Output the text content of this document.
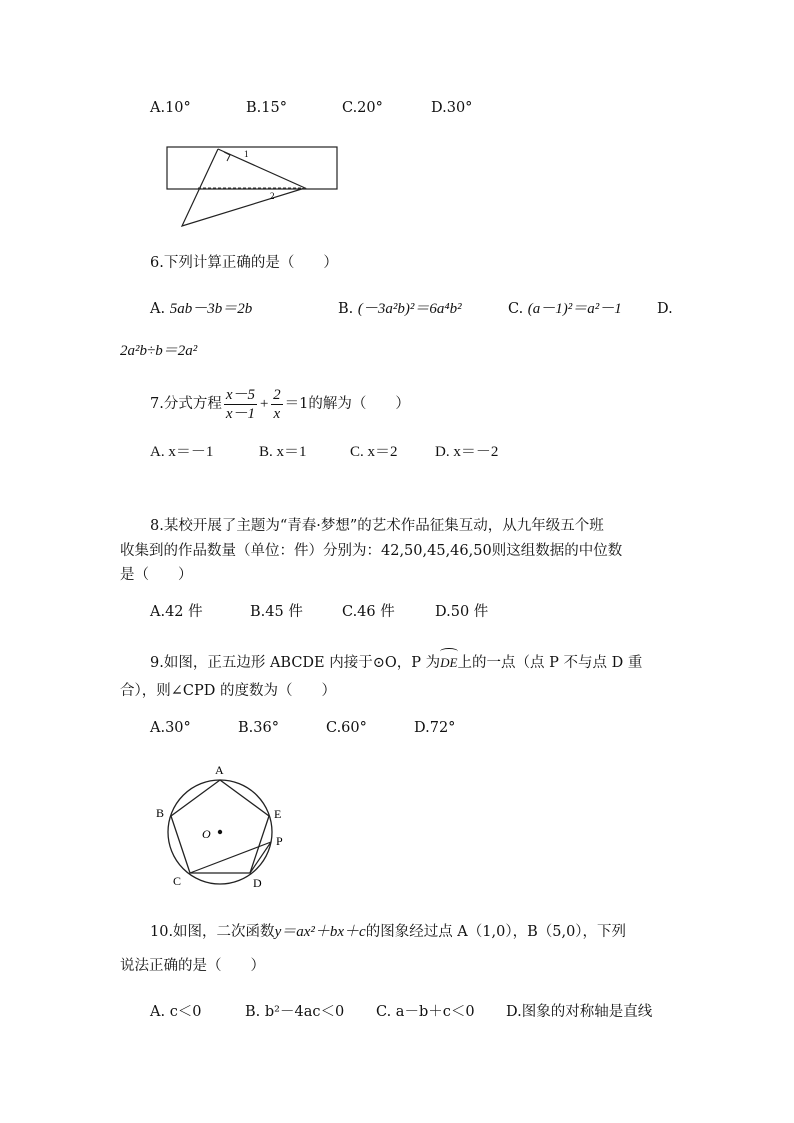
A.10°	B.15°	C.20°	D.30°
1
2
6.下列计算正确的是（　　）
A. 5ab－3b＝2b	B. (－3a²b)²＝6a⁴b²	C. (a－1)²＝a²－1 D.
2a²b÷b＝2a²
7.分式方程 $\frac{x-5}{x-1} + \frac{2}{x} =1$的解为（　　）
A. x＝－1	B. x＝1	C. x＝2 D. x＝－2
8.某校开展了主题为“青春·梦想”的艺术作品征集互动，从九年级五个班
收集到的作品数量（单位：件）分别为：42,50,45,46,50则这组数据的中位数
是（　　）
A.42 件	B.45 件	C.46 件	D.50 件
9.如图，正五边形 ABCDE 内接于⊙O，P 为
DE上的一点（点 P 不与点 D 重
合），则∠CPD 的度数为（　　）
A.30°	B.36°	C.60°	D.72°
A
B
C	D
E
P
O
10.如图，二次函数y＝ax²＋bx＋c的图象经过点 A（1,0），B（5,0），下列
说法正确的是（　　）
A. c＜0	B. b²－4ac＜0 C. a－b＋c＜0 D.图象的对称轴是直线
